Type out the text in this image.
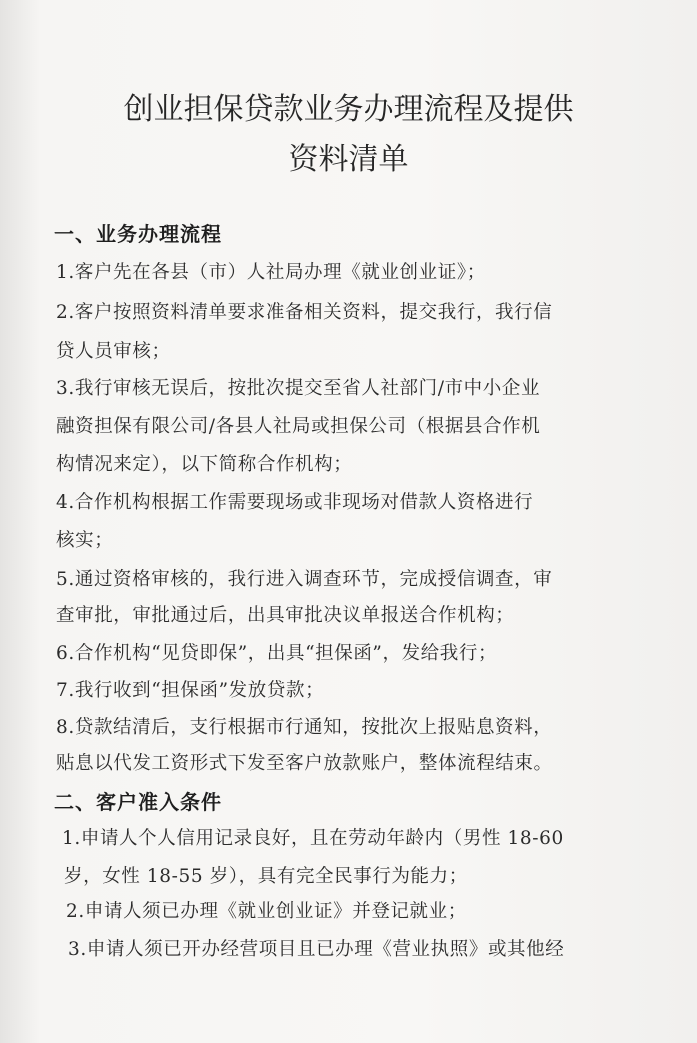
创业担保贷款业务办理流程及提供
资料清单
一、业务办理流程
1.客户先在各县（市）人社局办理《就业创业证》；
2.客户按照资料清单要求准备相关资料，提交我行，我行信
贷人员审核；
3.我行审核无误后，按批次提交至省人社部门/市中小企业
融资担保有限公司/各县人社局或担保公司（根据县合作机
构情况来定），以下简称合作机构；
4.合作机构根据工作需要现场或非现场对借款人资格进行
核实；
5.通过资格审核的，我行进入调查环节，完成授信调查，审
查审批，审批通过后，出具审批决议单报送合作机构；
6.合作机构“见贷即保”，出具“担保函”，发给我行；
7.我行收到“担保函”发放贷款；
8.贷款结清后，支行根据市行通知，按批次上报贴息资料，
贴息以代发工资形式下发至客户放款账户，整体流程结束。
二、客户准入条件
1.申请人个人信用记录良好，且在劳动年龄内（男性 18-60
岁，女性 18-55 岁），具有完全民事行为能力；
2.申请人须已办理《就业创业证》并登记就业；
3.申请人须已开办经营项目且已办理《营业执照》或其他经
